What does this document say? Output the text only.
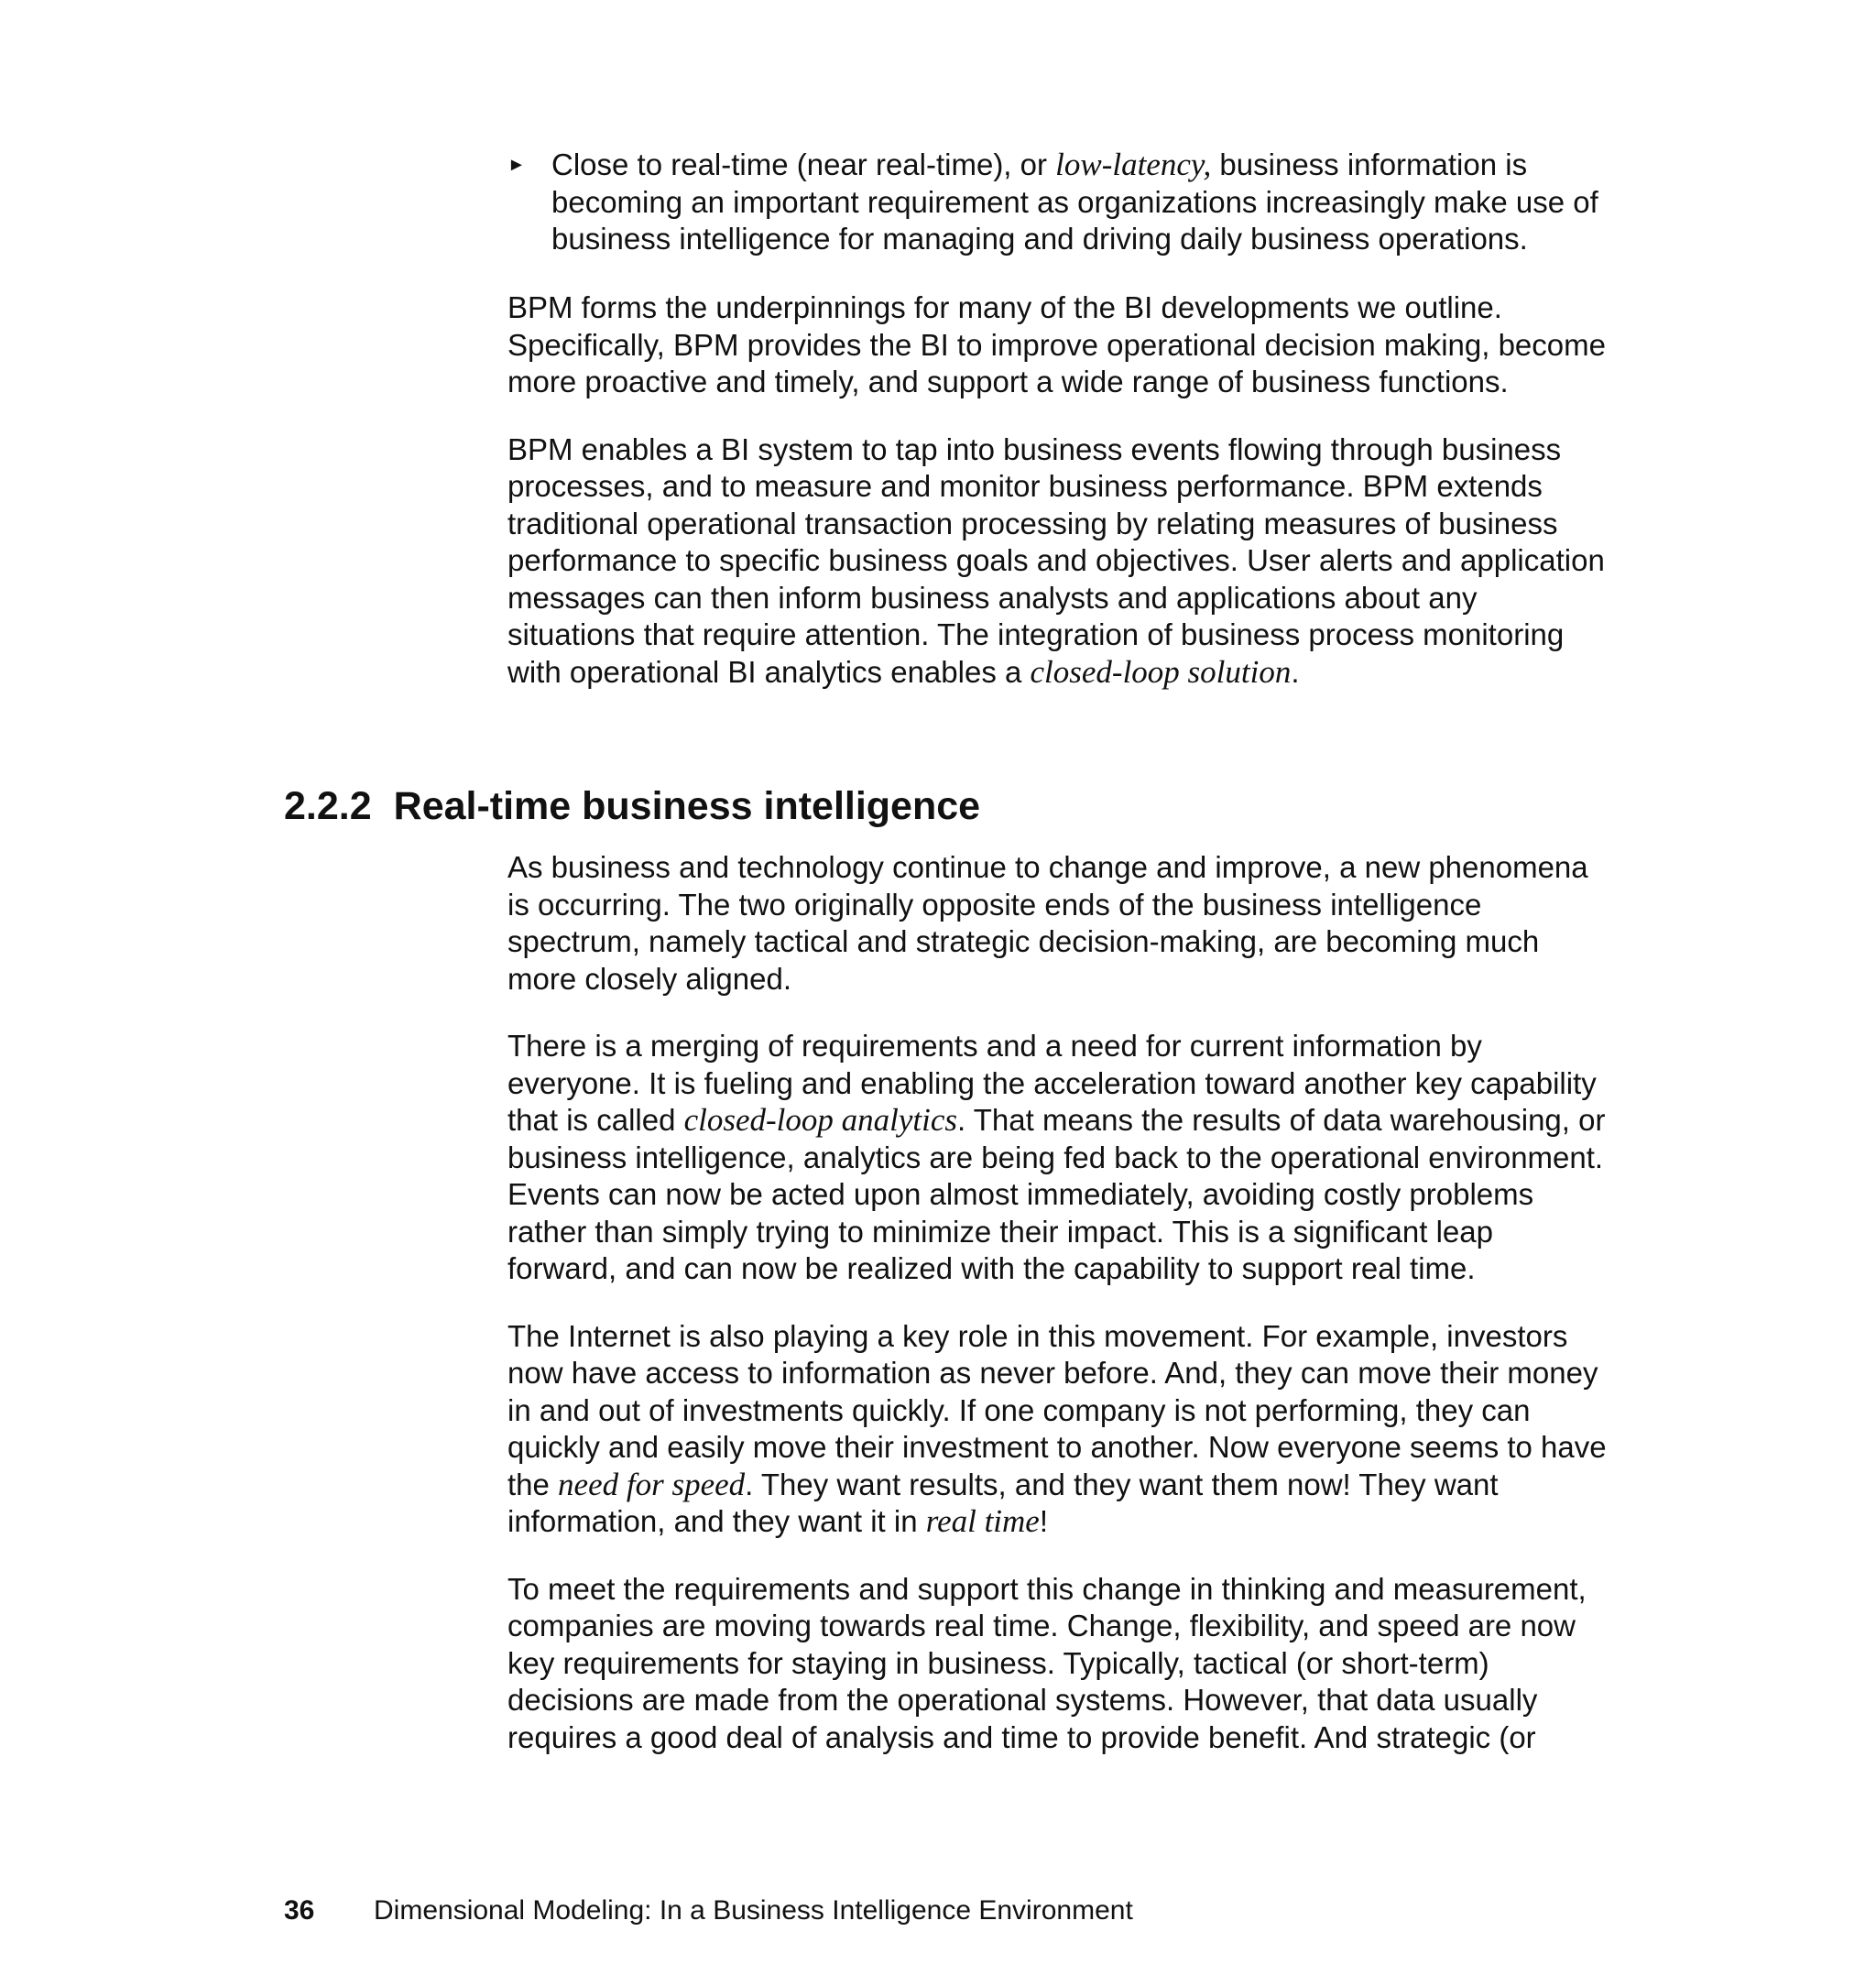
► Close to real-time (near real-time), or low-latency, business information is becoming an important requirement as organizations increasingly make use of business intelligence for managing and driving daily business operations.

BPM forms the underpinnings for many of the BI developments we outline. Specifically, BPM provides the BI to improve operational decision making, become more proactive and timely, and support a wide range of business functions.

BPM enables a BI system to tap into business events flowing through business processes, and to measure and monitor business performance. BPM extends traditional operational transaction processing by relating measures of business performance to specific business goals and objectives. User alerts and application messages can then inform business analysts and applications about any situations that require attention. The integration of business process monitoring with operational BI analytics enables a closed-loop solution.

2.2.2 Real-time business intelligence

As business and technology continue to change and improve, a new phenomena is occurring. The two originally opposite ends of the business intelligence spectrum, namely tactical and strategic decision-making, are becoming much more closely aligned.

There is a merging of requirements and a need for current information by everyone. It is fueling and enabling the acceleration toward another key capability that is called closed-loop analytics. That means the results of data warehousing, or business intelligence, analytics are being fed back to the operational environment. Events can now be acted upon almost immediately, avoiding costly problems rather than simply trying to minimize their impact. This is a significant leap forward, and can now be realized with the capability to support real time.

The Internet is also playing a key role in this movement. For example, investors now have access to information as never before. And, they can move their money in and out of investments quickly. If one company is not performing, they can quickly and easily move their investment to another. Now everyone seems to have the need for speed. They want results, and they want them now! They want information, and they want it in real time!

To meet the requirements and support this change in thinking and measurement, companies are moving towards real time. Change, flexibility, and speed are now key requirements for staying in business. Typically, tactical (or short-term) decisions are made from the operational systems. However, that data usually requires a good deal of analysis and time to provide benefit. And strategic (or

36 Dimensional Modeling: In a Business Intelligence Environment
